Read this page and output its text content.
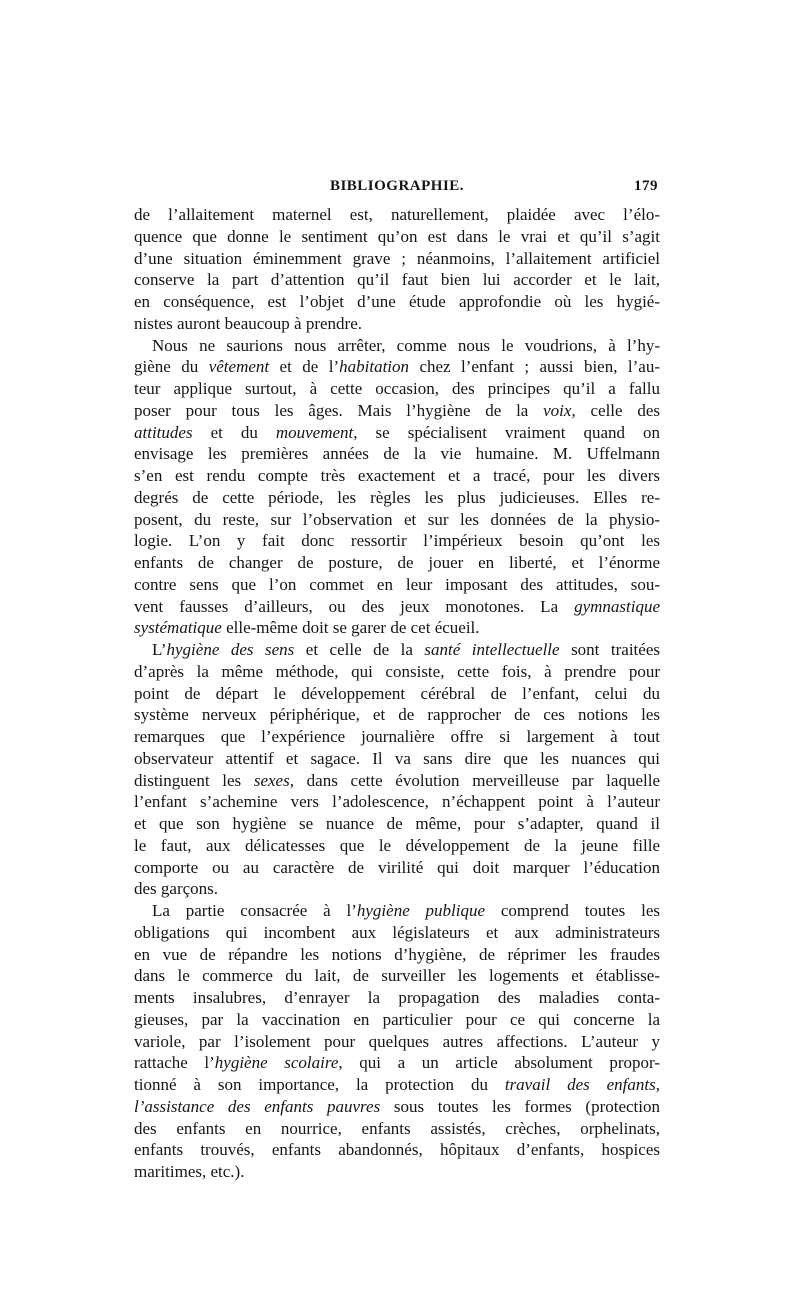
BIBLIOGRAPHIE.	179
de l’allaitement maternel est, naturellement, plaidée avec l’élo-
quence que donne le sentiment qu’on est dans le vrai et qu’il s’agit
d’une situation éminemment grave ; néanmoins, l’allaitement artificiel
conserve la part d’attention qu’il faut bien lui accorder et le lait,
en conséquence, est l’objet d’une étude approfondie où les hygié-
nistes auront beaucoup à prendre.
Nous ne saurions nous arrêter, comme nous le voudrions, à l’hy-
giène du vêtement et de l’habitation chez l’enfant ; aussi bien, l’au-
teur applique surtout, à cette occasion, des principes qu’il a fallu
poser pour tous les âges. Mais l’hygiène de la voix, celle des
attitudes et du mouvement, se spécialisent vraiment quand on
envisage les premières années de la vie humaine. M. Uffelmann
s’en est rendu compte très exactement et a tracé, pour les divers
degrés de cette période, les règles les plus judicieuses. Elles re-
posent, du reste, sur l’observation et sur les données de la physio-
logie. L’on y fait donc ressortir l’impérieux besoin qu’ont les
enfants de changer de posture, de jouer en liberté, et l’énorme
contre sens que l’on commet en leur imposant des attitudes, sou-
vent fausses d’ailleurs, ou des jeux monotones. La gymnastique
systématique elle-même doit se garer de cet écueil.
L’hygiène des sens et celle de la santé intellectuelle sont traitées
d’après la même méthode, qui consiste, cette fois, à prendre pour
point de départ le développement cérébral de l’enfant, celui du
système nerveux périphérique, et de rapprocher de ces notions les
remarques que l’expérience journalière offre si largement à tout
observateur attentif et sagace. Il va sans dire que les nuances qui
distinguent les sexes, dans cette évolution merveilleuse par laquelle
l’enfant s’achemine vers l’adolescence, n’échappent point à l’auteur
et que son hygiène se nuance de même, pour s’adapter, quand il
le faut, aux délicatesses que le développement de la jeune fille
comporte ou au caractère de virilité qui doit marquer l’éducation
des garçons.
La partie consacrée à l’hygiène publique comprend toutes les
obligations qui incombent aux législateurs et aux administrateurs
en vue de répandre les notions d’hygiène, de réprimer les fraudes
dans le commerce du lait, de surveiller les logements et établisse-
ments insalubres, d’enrayer la propagation des maladies conta-
gieuses, par la vaccination en particulier pour ce qui concerne la
variole, par l’isolement pour quelques autres affections. L’auteur y
rattache l’hygiène scolaire, qui a un article absolument propor-
tionné à son importance, la protection du travail des enfants,
l’assistance des enfants pauvres sous toutes les formes (protection
des enfants en nourrice, enfants assistés, crèches, orphelinats,
enfants trouvés, enfants abandonnés, hôpitaux d’enfants, hospices
maritimes, etc.).
